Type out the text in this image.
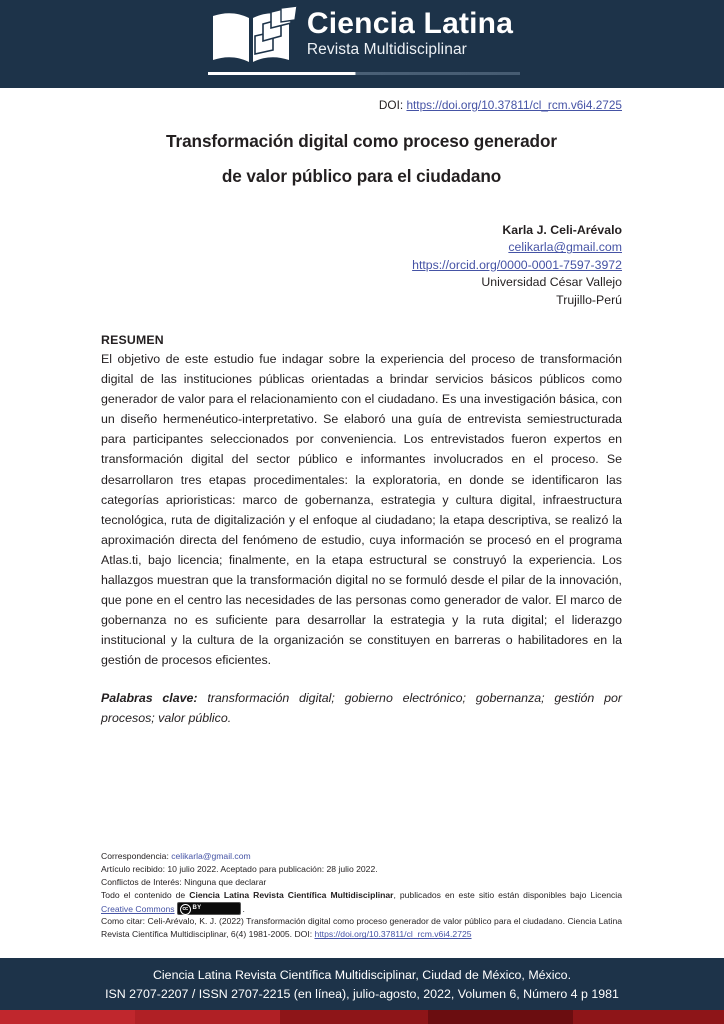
Ciencia Latina
Revista Multidisciplinar
DOI: https://doi.org/10.37811/cl_rcm.v6i4.2725
Transformación digital como proceso generador
de valor público para el ciudadano
Karla J. Celi-Arévalo
celikarla@gmail.com
https://orcid.org/0000-0001-7597-3972
Universidad César Vallejo
Trujillo-Perú
RESUMEN
El objetivo de este estudio fue indagar sobre la experiencia del proceso de transformación digital de las instituciones públicas orientadas a brindar servicios básicos públicos como generador de valor para el relacionamiento con el ciudadano. Es una investigación básica, con un diseño hermenéutico-interpretativo. Se elaboró una guía de entrevista semiestructurada para participantes seleccionados por conveniencia. Los entrevistados fueron expertos en transformación digital del sector público e informantes involucrados en el proceso. Se desarrollaron tres etapas procedimentales: la exploratoria, en donde se identificaron las categorías aprioristicas: marco de gobernanza, estrategia y cultura digital, infraestructura tecnológica, ruta de digitalización y el enfoque al ciudadano; la etapa descriptiva, se realizó la aproximación directa del fenómeno de estudio, cuya información se procesó en el programa Atlas.ti, bajo licencia; finalmente, en la etapa estructural se construyó la experiencia. Los hallazgos muestran que la transformación digital no se formuló desde el pilar de la innovación, que pone en el centro las necesidades de las personas como generador de valor. El marco de gobernanza no es suficiente para desarrollar la estrategia y la ruta digital; el liderazgo institucional y la cultura de la organización se constituyen en barreras o habilitadores en la gestión de procesos eficientes.
Palabras clave: transformación digital; gobierno electrónico; gobernanza; gestión por procesos; valor público.
Correspondencia: celikarla@gmail.com
Artículo recibido: 10 julio 2022. Aceptado para publicación: 28 julio 2022.
Conflictos de Interés: Ninguna que declarar
Todo el contenido de Ciencia Latina Revista Científica Multidisciplinar, publicados en este sitio están disponibles bajo Licencia Creative Commons	cc BY	.
Como citar: Celi-Arévalo, K. J. (2022) Transformación digital como proceso generador de valor público para el ciudadano. Ciencia Latina Revista Científica Multidisciplinar, 6(4) 1981-2005. DOI: https://doi.org/10.37811/cl_rcm.v6i4.2725
Ciencia Latina Revista Científica Multidisciplinar, Ciudad de México, México.
ISN 2707-2207 / ISSN 2707-2215 (en línea), julio-agosto, 2022, Volumen 6, Número 4 p 1981
